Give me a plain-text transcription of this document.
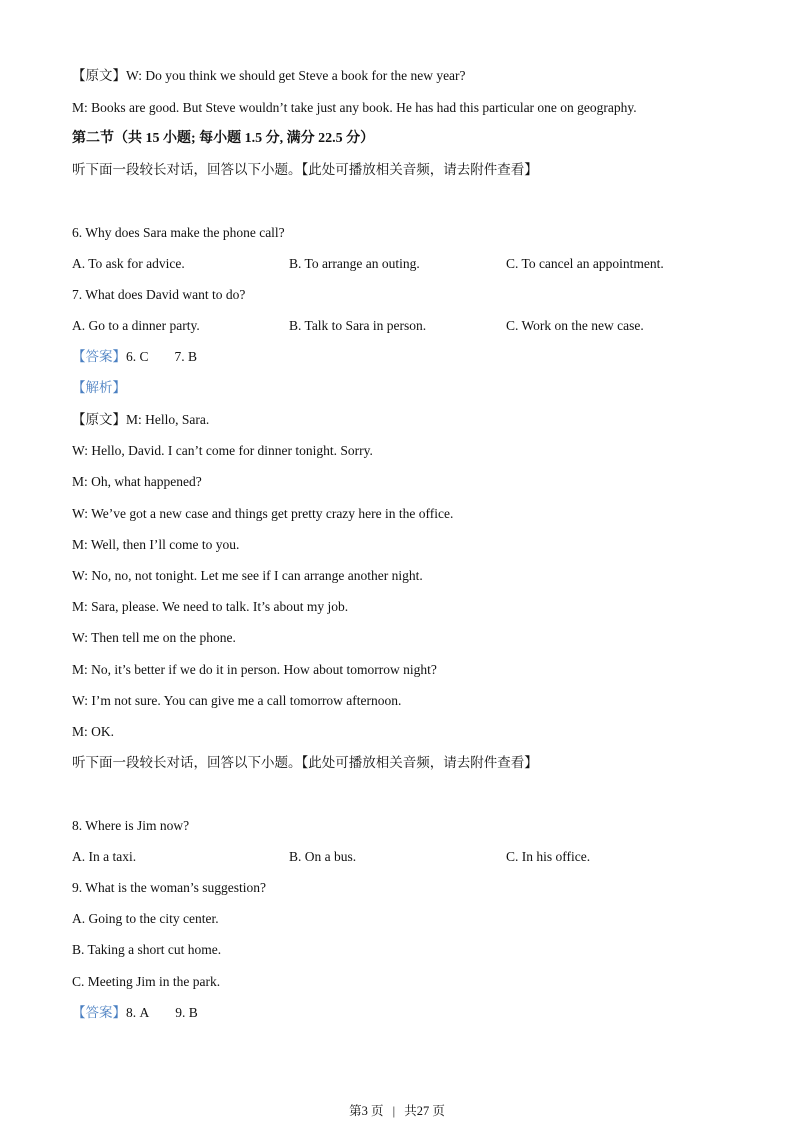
【原文】W: Do you think we should get Steve a book for the new year?
M: Books are good. But Steve wouldn’t take just any book. He has had this particular one on geography.
第二节（共 15 小题; 每小题 1.5 分, 满分 22.5 分）
听下面一段较长对话，回答以下小题。【此处可播放相关音频，请去附件查看】
6. Why does Sara make the phone call?
A. To ask for advice.	B. To arrange an outing.	C. To cancel an appointment.
7. What does David want to do?
A. Go to a dinner party.	B. Talk to Sara in person.	C. Work on the new case.
【答案】6. C 7. B
【解析】
【原文】M: Hello, Sara.
W: Hello, David. I can’t come for dinner tonight. Sorry.
M: Oh, what happened?
W: We’ve got a new case and things get pretty crazy here in the office.
M: Well, then I’ll come to you.
W: No, no, not tonight. Let me see if I can arrange another night.
M: Sara, please. We need to talk. It’s about my job.
W: Then tell me on the phone.
M: No, it’s better if we do it in person. How about tomorrow night?
W: I’m not sure. You can give me a call tomorrow afternoon.
M: OK.
听下面一段较长对话，回答以下小题。【此处可播放相关音频，请去附件查看】
8. Where is Jim now?
A. In a taxi.	B. On a bus.	C. In his office.
9. What is the woman’s suggestion?
A. Going to the city center.
B. Taking a short cut home.
C. Meeting Jim in the park.
【答案】8. A 9. B
第3 页 | 共27 页
